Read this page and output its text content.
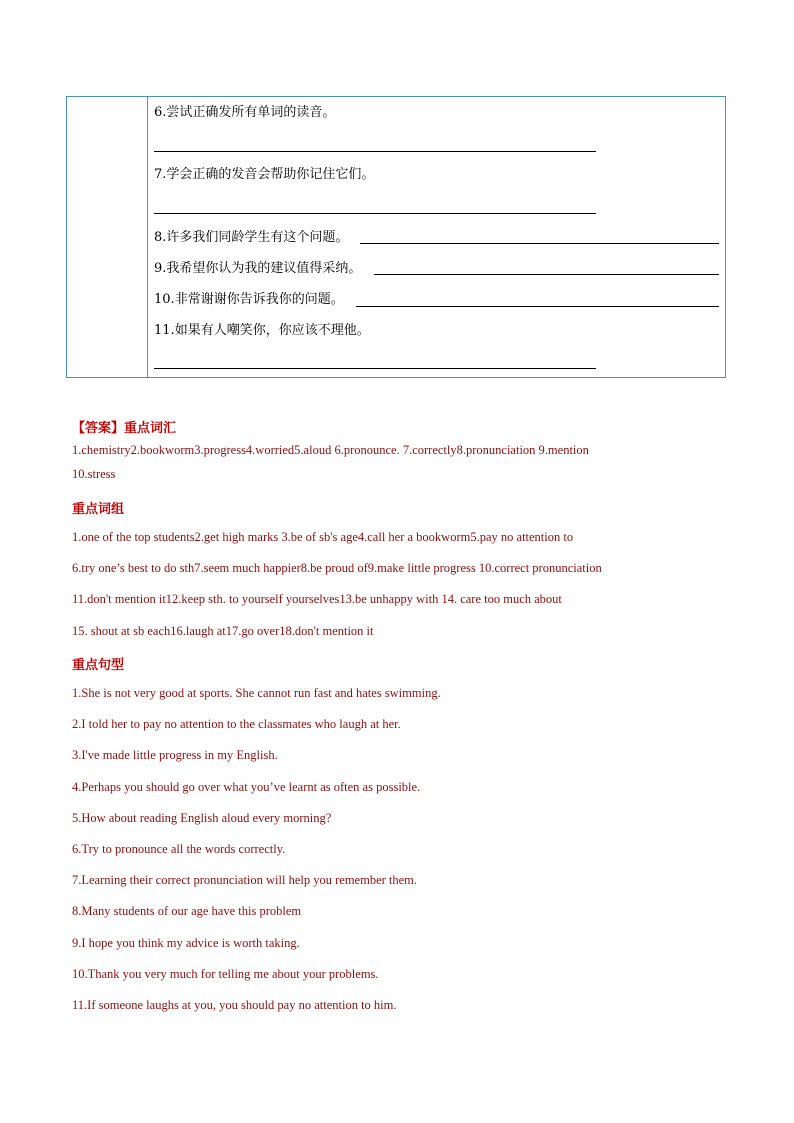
6.尝试正确发所有单词的读音。
7.学会正确的发音会帮助你记住它们。
8.许多我们同龄学生有这个问题。
9.我希望你认为我的建议值得采纳。
10.非常谢谢你告诉我你的问题。
11.如果有人嘲笑你，你应该不理他。
【答案】重点词汇
1.chemistry2.bookworm3.progress4.worried5.aloud 6.pronounce. 7.correctly8.pronunciation 9.mention
10.stress
重点词组
1.one of the top students2.get high marks 3.be of sb's age4.call her a bookworm5.pay no attention to
6.try one’s best to do sth7.seem much happier8.be proud of9.make little progress 10.correct pronunciation
11.don't mention it12.keep sth. to yourself yourselves13.be unhappy with 14. care too much about
15. shout at sb each16.laugh at17.go over18.don't mention it
重点句型
1.She is not very good at sports. She cannot run fast and hates swimming.
2.I told her to pay no attention to the classmates who laugh at her.
3.I've made little progress in my English.
4.Perhaps you should go over what you’ve learnt as often as possible.
5.How about reading English aloud every morning?
6.Try to pronounce all the words correctly.
7.Learning their correct pronunciation will help you remember them.
8.Many students of our age have this problem
9.I hope you think my advice is worth taking.
10.Thank you very much for telling me about your problems.
11.If someone laughs at you, you should pay no attention to him.
